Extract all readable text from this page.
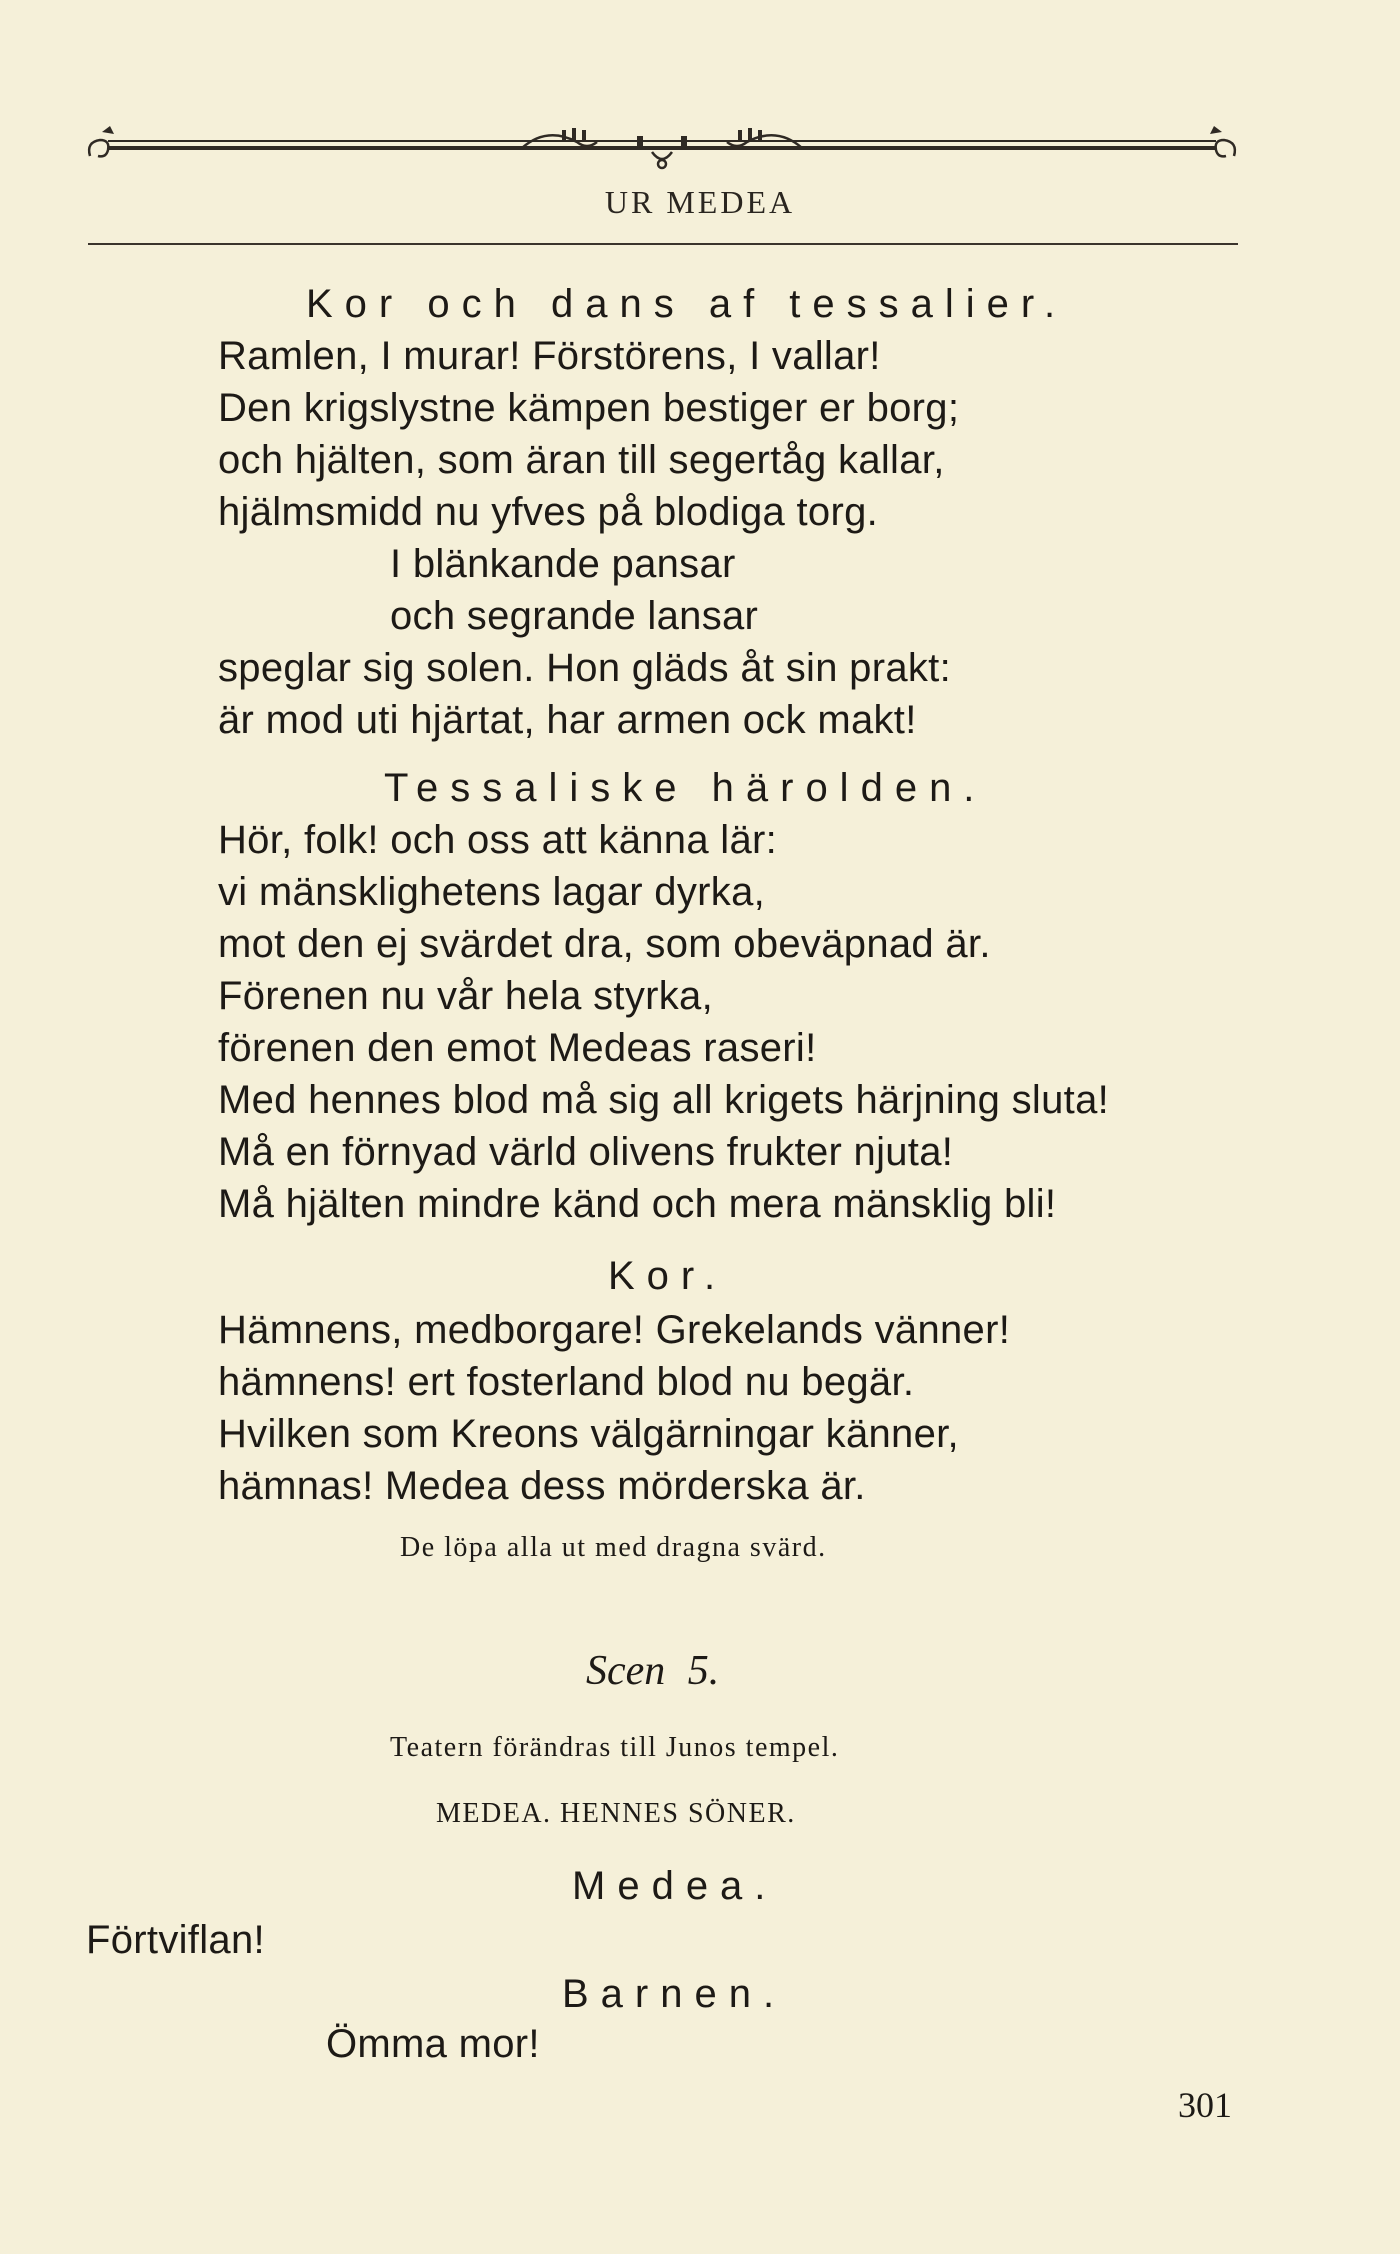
UR MEDEA
Kor och dans af tessalier.
Ramlen, I murar! Förstörens, I vallar!
Den krigslystne kämpen bestiger er borg;
och hjälten, som äran till segertåg kallar,
hjälmsmidd nu yfves på blodiga torg.
I blänkande pansar
och segrande lansar
speglar sig solen. Hon gläds åt sin prakt:
är mod uti hjärtat, har armen ock makt!
Tessaliske härolden.
Hör, folk! och oss att känna lär:
vi mänsklighetens lagar dyrka,
mot den ej svärdet dra, som obeväpnad är.
Förenen nu vår hela styrka,
förenen den emot Medeas raseri!
Med hennes blod må sig all krigets härjning sluta!
Må en förnyad värld olivens frukter njuta!
Må hjälten mindre känd och mera mänsklig bli!
Kor.
Hämnens, medborgare! Grekelands vänner!
hämnens! ert fosterland blod nu begär.
Hvilken som Kreons välgärningar känner,
hämnas! Medea dess mörderska är.
De löpa alla ut med dragna svärd.
Scen 5.
Teatern förändras till Junos tempel.
MEDEA. HENNES SÖNER.
Medea.
Förtviflan!
Barnen.
Ömma mor!
301
